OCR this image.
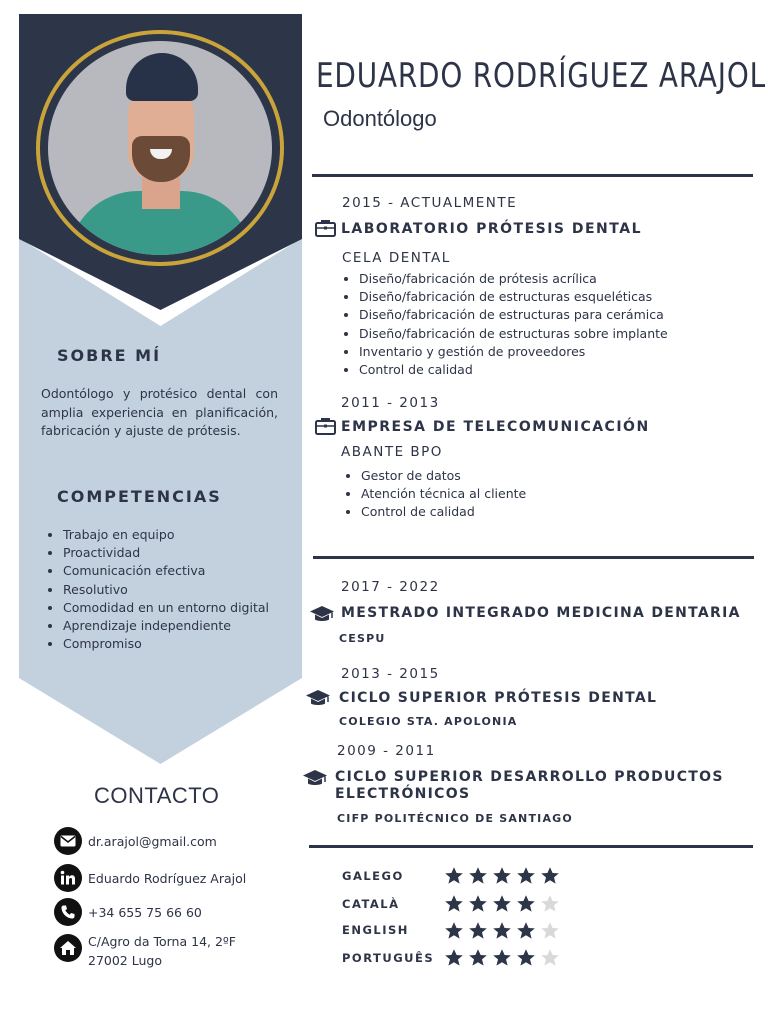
SOBRE MÍ
Odontólogo y protésico dental con amplia experiencia en planificación, fabricación y ajuste de prótesis.
COMPETENCIAS
• Trabajo en equipo
• Proactividad
• Comunicación efectiva
• Resolutivo
• Comodidad en un entorno digital
• Aprendizaje independiente
• Compromiso
CONTACTO
dr.arajol@gmail.com
Eduardo Rodríguez Arajol
+34 655 75 66 60
C/Agro da Torna 14, 2ºF
27002 Lugo
EDUARDO RODRÍGUEZ ARAJOL
Odontólogo
2015 - ACTUALMENTE
LABORATORIO PRÓTESIS DENTAL
CELA DENTAL
• Diseño/fabricación de prótesis acrílica
• Diseño/fabricación de estructuras esqueléticas
• Diseño/fabricación de estructuras para cerámica
• Diseño/fabricación de estructuras sobre implante
• Inventario y gestión de proveedores
• Control de calidad
2011 - 2013
EMPRESA DE TELECOMUNICACIÓN
ABANTE BPO
• Gestor de datos
• Atención técnica al cliente
• Control de calidad
2017 - 2022
MESTRADO INTEGRADO MEDICINA DENTARIA
CESPU
2013 - 2015
CICLO SUPERIOR PRÓTESIS DENTAL
COLEGIO STA. APOLONIA
2009 - 2011
CICLO SUPERIOR DESARROLLO PRODUCTOS ELECTRÓNICOS
CIFP POLITÉCNICO DE SANTIAGO
GALEGO
CATALÀ
ENGLISH
PORTUGUÊS
